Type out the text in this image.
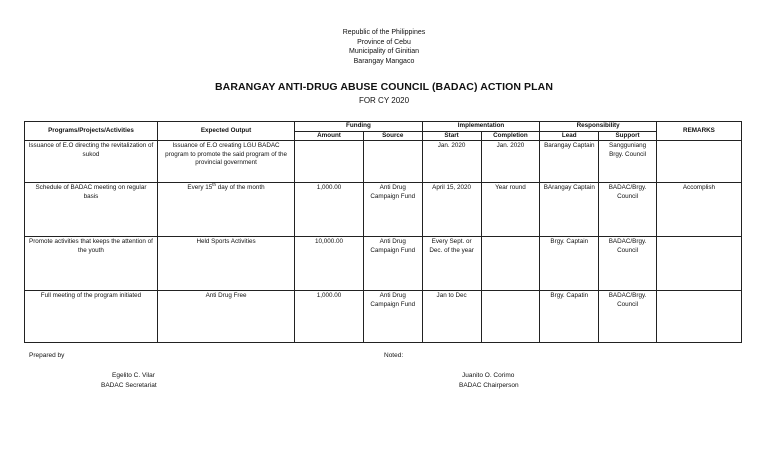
Republic of the Philippines
Province of Cebu
Municipality of Ginitian
Barangay Mangaco
BARANGAY ANTI-DRUG ABUSE COUNCIL (BADAC) ACTION PLAN
FOR CY 2020
Programs/Projects/Activities	Expected Output	Funding		Implementation		Responsibility		REMARKS
		Amount	Source	Start	Completion	Lead	Support	
Issuance of E.O directing the revitalization of sukod	Issuance of E.O creating LGU BADAC program to promote the said program of the provincial government			Jan. 2020	Jan. 2020	Barangay Captain	Sangguniang Brgy. Council	
Schedule of BADAC meeting on regular basis	Every 15th day of the month	1,000.00	Anti Drug Campaign Fund	April 15, 2020	Year round	BArangay Captain	BADAC/Brgy. Council	Accomplish
Promote activities that keeps the attention of the youth	Held Sports Activities	10,000.00	Anti Drug Campaign Fund	Every Sept. or Dec. of the year		Brgy. Captain	BADAC/Brgy. Council	
Full meeting of the program initiated	Anti Drug Free	1,000.00	Anti Drug Campaign Fund	Jan to Dec		Brgy. Capatin	BADAC/Brgy. Council	
Prepared by
Egelito C. Vilar
BADAC Secretariat
Noted:
Juanito O. Corimo
BADAC Chairperson
